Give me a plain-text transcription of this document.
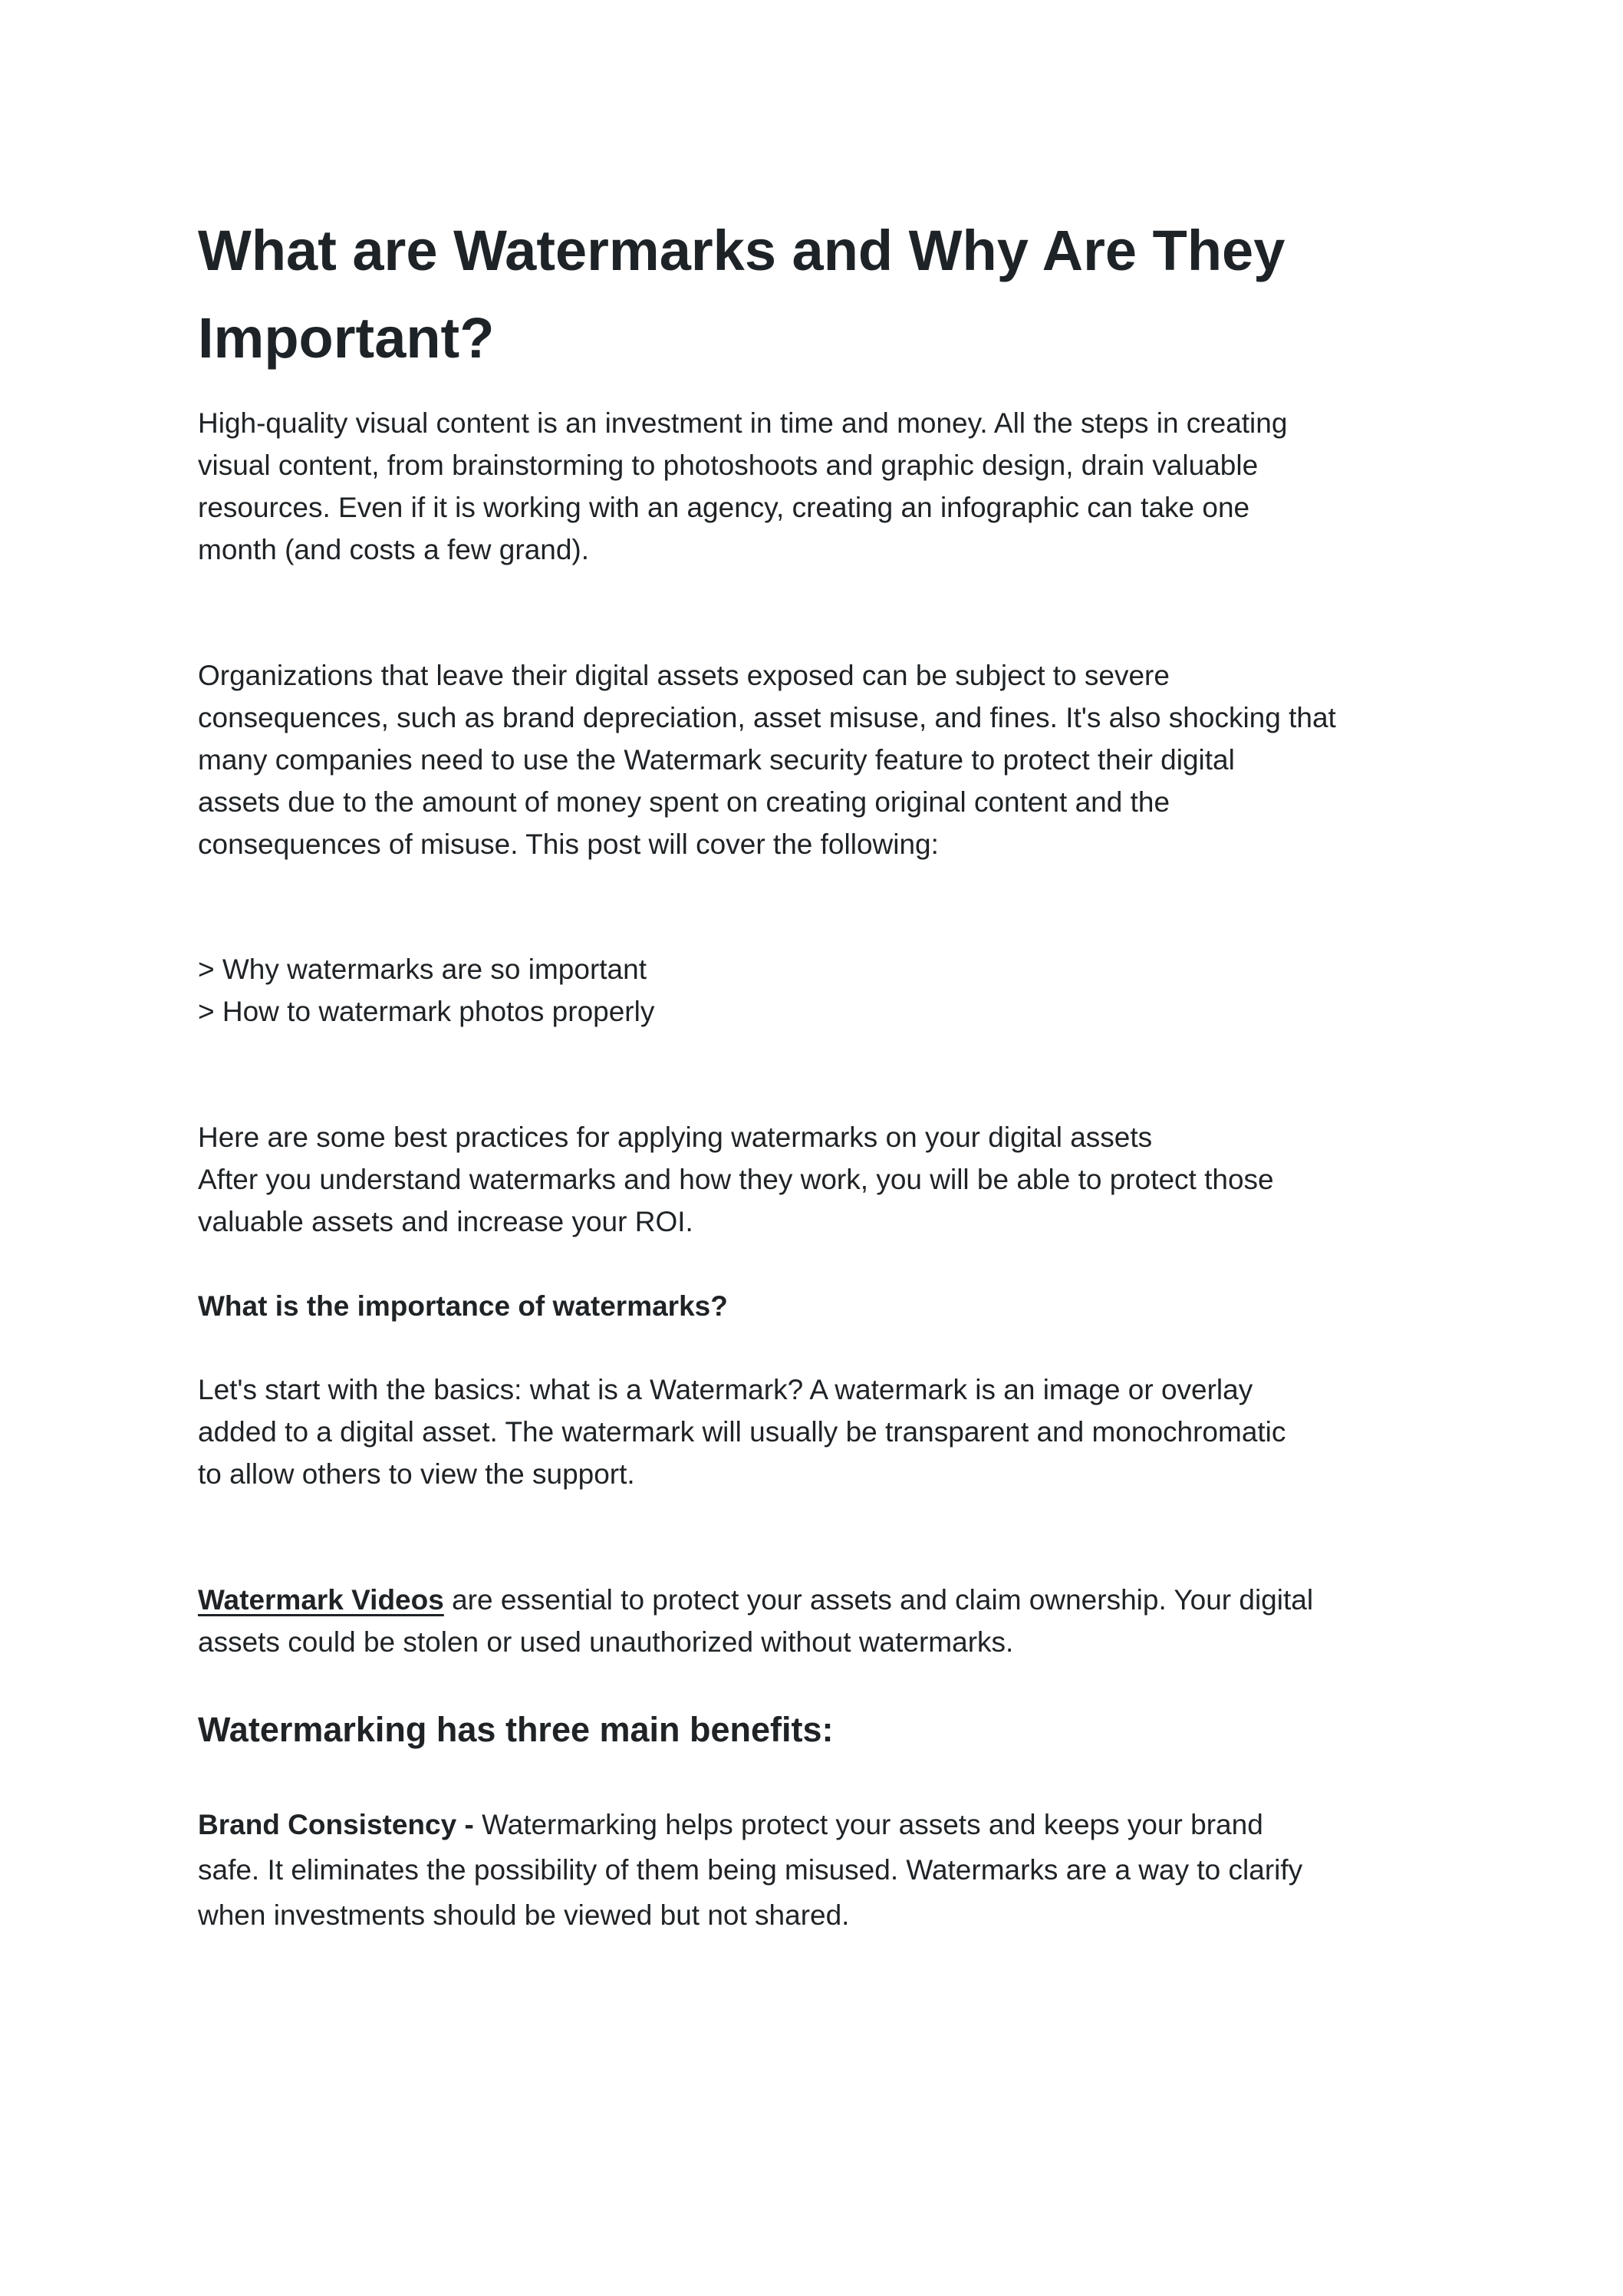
What are Watermarks and Why Are They
Important?
High-quality visual content is an investment in time and money. All the steps in creating
visual content, from brainstorming to photoshoots and graphic design, drain valuable
resources. Even if it is working with an agency, creating an infographic can take one
month (and costs a few grand).
Organizations that leave their digital assets exposed can be subject to severe
consequences, such as brand depreciation, asset misuse, and fines. It's also shocking that
many companies need to use the Watermark security feature to protect their digital
assets due to the amount of money spent on creating original content and the
consequences of misuse. This post will cover the following:
> Why watermarks are so important
> How to watermark photos properly
Here are some best practices for applying watermarks on your digital assets
After you understand watermarks and how they work, you will be able to protect those
valuable assets and increase your ROI.
What is the importance of watermarks?
Let's start with the basics: what is a Watermark? A watermark is an image or overlay
added to a digital asset. The watermark will usually be transparent and monochromatic
to allow others to view the support.
Watermark Videos are essential to protect your assets and claim ownership. Your digital
assets could be stolen or used unauthorized without watermarks.
Watermarking has three main benefits:
Brand Consistency - Watermarking helps protect your assets and keeps your brand
safe. It eliminates the possibility of them being misused. Watermarks are a way to clarify
when investments should be viewed but not shared.
